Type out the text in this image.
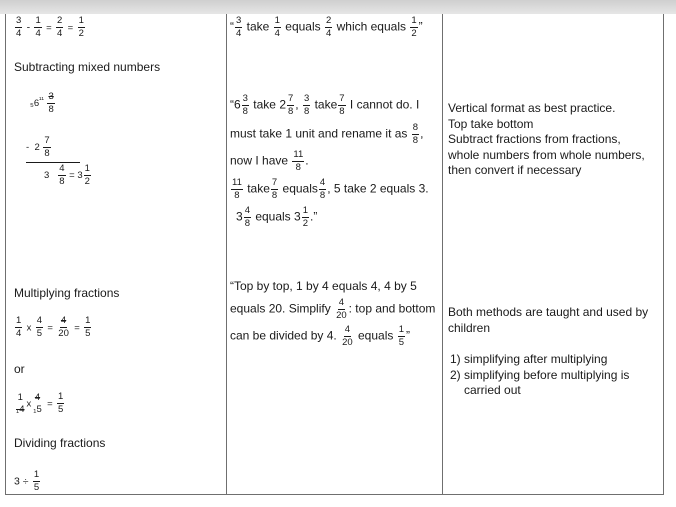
$\frac{3}{4} - \frac{1}{4} = \frac{2}{4} = \frac{1}{2}$	“ $\frac{3}{4}$ take $\frac{1}{4}$ equals $\frac{2}{4}$ which equals $\frac{1}{2}$ ”
Subtracting mixed numbers
$_56^{^{11}} \frac{3}{8}$
- $2 \frac{7}{8}$
$3 \frac{4}{8} = 3 \frac{1}{2}$
“$6 \frac{3}{8}$ take $2 \frac{7}{8}$ , $\frac{3}{8}$ take $\frac{7}{8}$ I cannot do. I
must take 1 unit and rename it as $\frac{8}{8}$ ,
now I have $\frac{11}{8}$ .
$\frac{11}{8}$ take $\frac{7}{8}$ equals $\frac{4}{8}$ , 5 take 2 equals 3.
$3 \frac{4}{8}$ equals $3 \frac{1}{2}$ .”
Vertical format as best practice.
Top take bottom
Subtract fractions from fractions,
whole numbers from whole numbers,
then convert if necessary
Multiplying fractions
$\frac{1}{4}$ x $\frac{4}{5} = \frac{4}{20} = \frac{1}{5}$
or
1
₁4 x
4
$_15 = \frac{1}{5}$
“Top by top, 1 by 4 equals 4, 4 by 5
equals 20. Simplify $\frac{4}{20}$ : top and bottom
can be divided by 4. $\frac{4}{20}$ equals $\frac{1}{5}$ ”
Both methods are taught and used by
children
1) simplifying after multiplying
2) simplifying before multiplying is
carried out
Dividing fractions
$3 \div \frac{1}{5}$
